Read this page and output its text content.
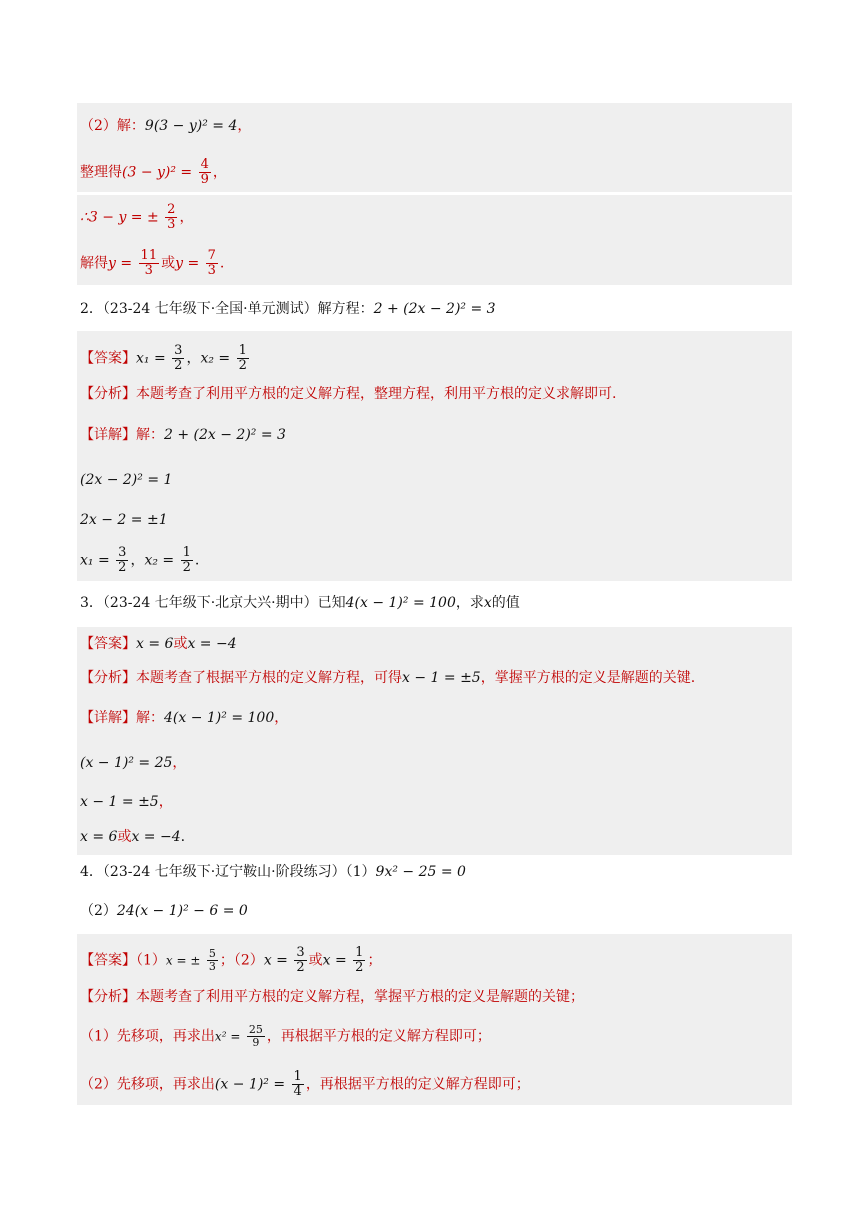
（2）解：9(3 − y)² = 4，
整理得$(3 - y)^2 = \frac{4}{9}$ ，
∴3 − y = ± $\frac{2}{3}$ ，
解得$y = \frac{11}{3}$ 或$y = \frac{7}{3}$ .
2．（23-24 七年级下·全国·单元测试）解方程：2 + (2x − 2)² = 3
【答案】$x_1 = \frac{3}{2}$ ，$x_2 = \frac{1}{2}$
【分析】本题考查了利用平方根的定义解方程，整理方程，利用平方根的定义求解即可.
【详解】解：2 + (2x − 2)² = 3
(2x − 2)² = 1
2x − 2 = ±1
$x_1 = \frac{3}{2}$ ，$x_2 = \frac{1}{2}$ .
3．（23-24 七年级下·北京大兴·期中）已知4(x − 1)² = 100，求x的值
【答案】x = 6或x = −4
【分析】本题考查了根据平方根的定义解方程，可得x − 1 = ±5，掌握平方根的定义是解题的关键.
【详解】解：4(x − 1)² = 100，
(x − 1)² = 25，
x − 1 = ±5，
x = 6或x = −4.
4．（23-24 七年级下·辽宁鞍山·阶段练习）（1）9x² − 25 = 0
（2）24(x − 1)² − 6 = 0
【答案】（1）x = ± $\frac{5}{3}$ ；$(2)x = \frac{3}{2}$ 或$x = \frac{1}{2}$ ；
【分析】本题考查了利用平方根的定义解方程，掌握平方根的定义是解题的关键；
（1）先移项，再求出$x^2 = \frac{25}{9}$ ，再根据平方根的定义解方程即可；
（2）先移项，再求出$(x - 1)^2 = \frac{1}{4}$ ，再根据平方根的定义解方程即可；
